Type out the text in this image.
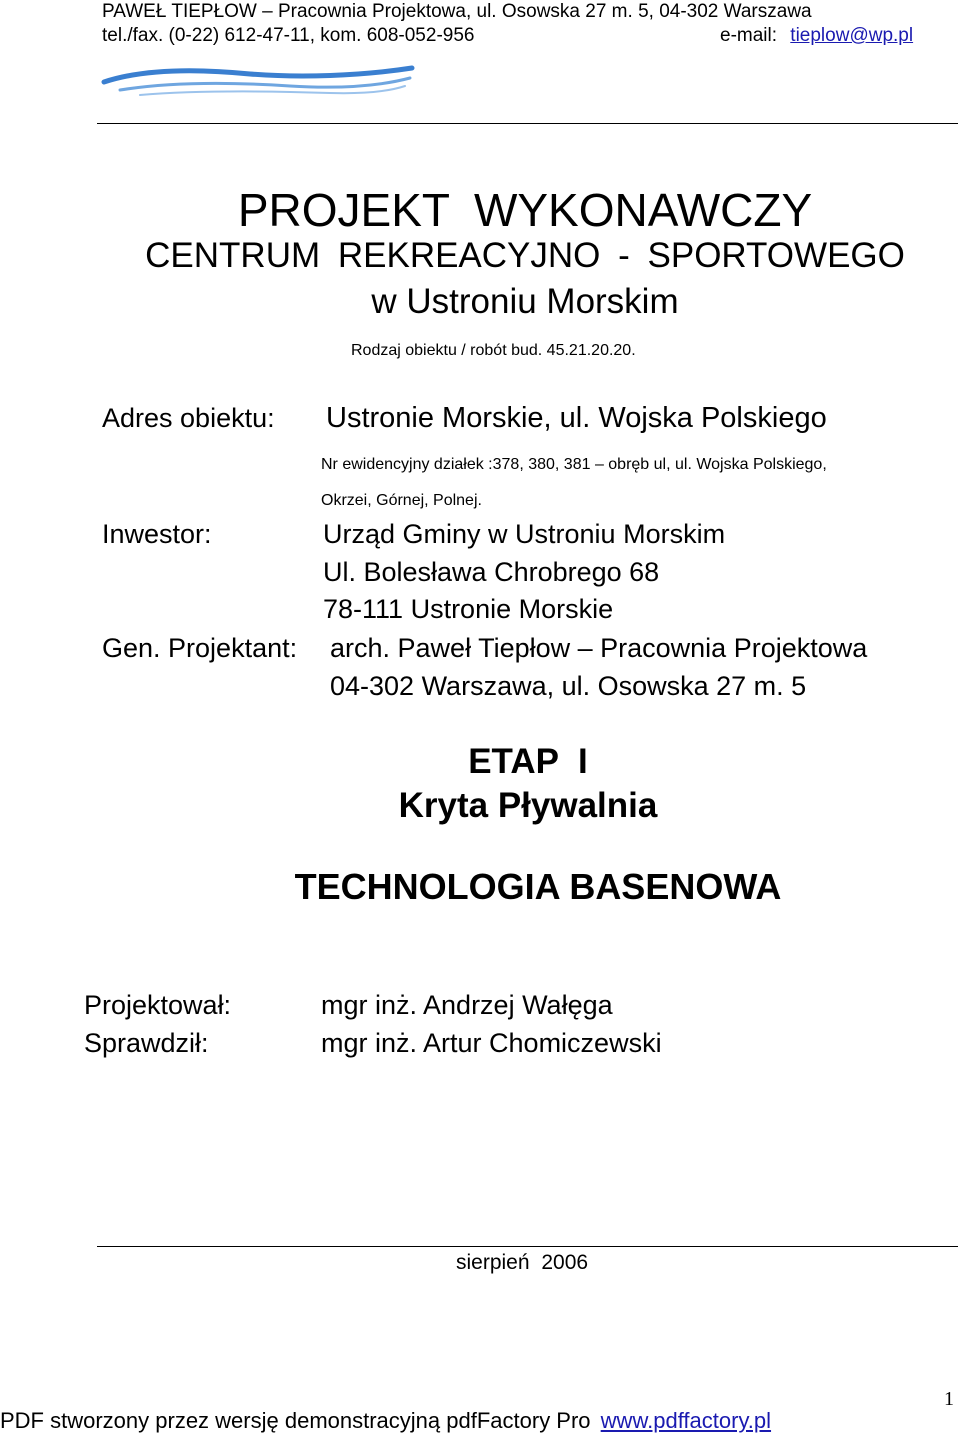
PAWEŁ TIEPŁOW – Pracownia Projektowa, ul. Osowska 27 m. 5, 04-302 Warszawa
tel./fax. (0-22) 612-47-11, kom. 608-052-956	e-mail: tieplow@wp.pl
PROJEKT WYKONAWCZY
CENTRUM REKREACYJNO - SPORTOWEGO
w Ustroniu Morskim
Rodzaj obiektu / robót bud. 45.21.20.20.
Adres obiektu: Ustronie Morskie, ul. Wojska Polskiego
Nr ewidencyjny działek :378, 380, 381 – obręb ul, ul. Wojska Polskiego,
Okrzei, Górnej, Polnej.
Inwestor:	Urząd Gminy w Ustroniu Morskim
Ul. Bolesława Chrobrego 68
78-111 Ustronie Morskie
Gen. Projektant: arch. Paweł Tiepłow – Pracownia Projektowa
04-302 Warszawa, ul. Osowska 27 m. 5
ETAP I
Kryta Pływalnia
TECHNOLOGIA BASENOWA
Projektował:	mgr inż. Andrzej Wałęga
Sprawdził:	mgr inż. Artur Chomiczewski
sierpień 2006
1
PDF stworzony przez wersję demonstracyjną pdfFactory Pro www.pdffactory.pl
